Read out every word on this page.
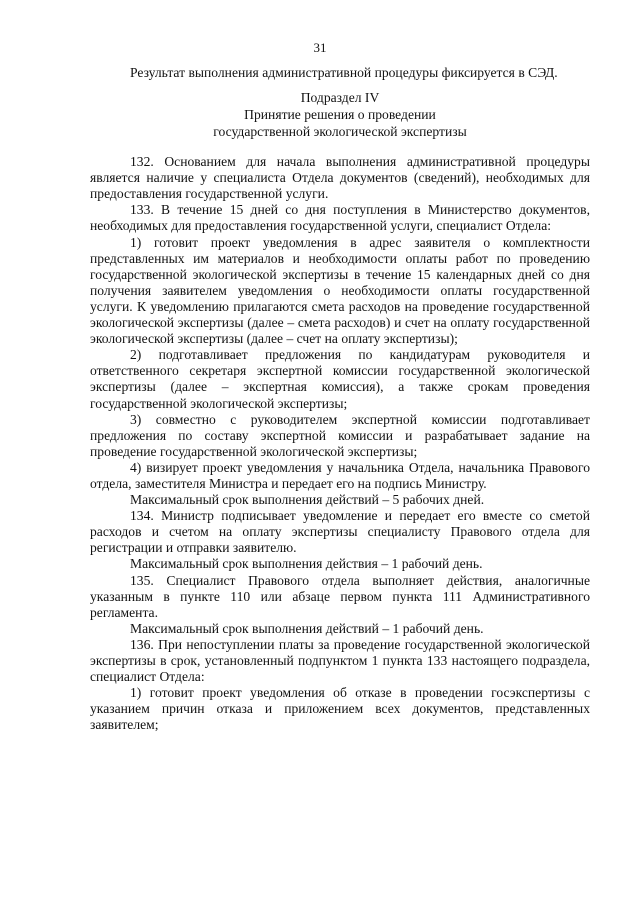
31

Результат выполнения административной процедуры фиксируется в СЭД.

Подраздел IV
Принятие решения о проведении
государственной экологической экспертизы

132. Основанием для начала выполнения административной процедуры является наличие у специалиста Отдела документов (сведений), необходимых для предоставления государственной услуги.

133. В течение 15 дней со дня поступления в Министерство документов, необходимых для предоставления государственной услуги, специалист Отдела:

1) готовит проект уведомления в адрес заявителя о комплектности представленных им материалов и необходимости оплаты работ по проведению государственной экологической экспертизы в течение 15 календарных дней со дня получения заявителем уведомления о необходимости оплаты государственной услуги. К уведомлению прилагаются смета расходов на проведение государственной экологической экспертизы (далее – смета расходов) и счет на оплату государственной экологической экспертизы (далее – счет на оплату экспертизы);

2) подготавливает предложения по кандидатурам руководителя и ответственного секретаря экспертной комиссии государственной экологической экспертизы (далее – экспертная комиссия), а также срокам проведения государственной экологической экспертизы;

3) совместно с руководителем экспертной комиссии подготавливает предложения по составу экспертной комиссии и разрабатывает задание на проведение государственной экологической экспертизы;

4) визирует проект уведомления у начальника Отдела, начальника Правового отдела, заместителя Министра и передает его на подпись Министру.

Максимальный срок выполнения действий – 5 рабочих дней.

134. Министр подписывает уведомление и передает его вместе со сметой расходов и счетом на оплату экспертизы специалисту Правового отдела для регистрации и отправки заявителю.

Максимальный срок выполнения действия – 1 рабочий день.

135. Специалист Правового отдела выполняет действия, аналогичные указанным в пункте 110 или абзаце первом пункта 111 Административного регламента.

Максимальный срок выполнения действий – 1 рабочий день.

136. При непоступлении платы за проведение государственной экологической экспертизы в срок, установленный подпунктом 1 пункта 133 настоящего подраздела, специалист Отдела:

1) готовит проект уведомления об отказе в проведении госэкспертизы с указанием причин отказа и приложением всех документов, представленных заявителем;
